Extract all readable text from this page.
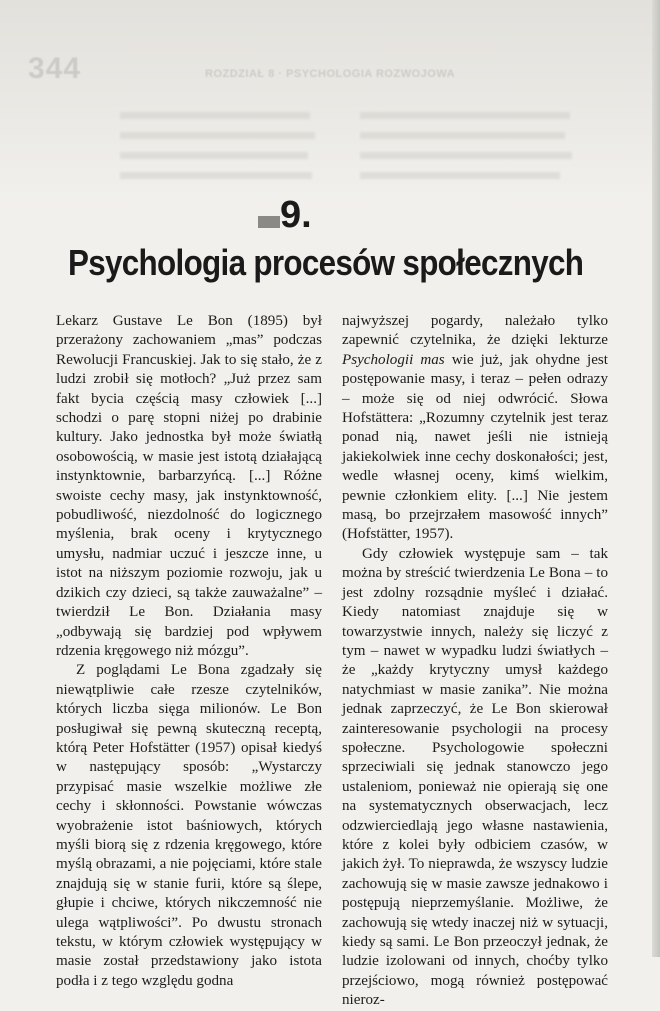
344	ROZDZIAŁ 8 · PSYCHOLOGIA ROZWOJOWA
9.
Psychologia procesów społecznych

Lekarz Gustave Le Bon (1895) był przerażony zachowaniem „mas” podczas Rewolucji Francuskiej. Jak to się stało, że z ludzi zrobił się motłoch? „Już przez sam fakt bycia częścią masy człowiek [...] schodzi o parę stopni niżej po drabinie kultury. Jako jednostka był może światłą osobowością, w masie jest istotą działającą instynktownie, barbarzyńcą. [...] Różne swoiste cechy masy, jak instynktowność, pobudliwość, niezdolność do logicznego myślenia, brak oceny i krytycznego umysłu, nadmiar uczuć i jeszcze inne, u istot na niższym poziomie rozwoju, jak u dzikich czy dzieci, są także zauważalne” – twierdził Le Bon. Działania masy „odbywają się bardziej pod wpływem rdzenia kręgowego niż mózgu”.

Z poglądami Le Bona zgadzały się niewątpliwie całe rzesze czytelników, których liczba sięga milionów. Le Bon posługiwał się pewną skuteczną receptą, którą Peter Hofstätter (1957) opisał kiedyś w następujący sposób: „Wystarczy przypisać masie wszelkie możliwe złe cechy i skłonności. Powstanie wówczas wyobrażenie istot baśniowych, których myśli biorą się z rdzenia kręgowego, które myślą obrazami, a nie pojęciami, które stale znajdują się w stanie furii, które są ślepe, głupie i chciwe, których nikczemność nie ulega wątpliwości”. Po dwustu stronach tekstu, w którym człowiek występujący w masie został przedstawiony jako istota podła i z tego względu godna

najwyższej pogardy, należało tylko zapewnić czytelnika, że dzięki lekturze Psychologii mas wie już, jak ohydne jest postępowanie masy, i teraz – pełen odrazy – może się od niej odwrócić. Słowa Hofstättera: „Rozumny czytelnik jest teraz ponad nią, nawet jeśli nie istnieją jakiekolwiek inne cechy doskonałości; jest, wedle własnej oceny, kimś wielkim, pewnie członkiem elity. [...] Nie jestem masą, bo przejrzałem masowość innych” (Hofstätter, 1957).

Gdy człowiek występuje sam – tak można by streścić twierdzenia Le Bona – to jest zdolny rozsądnie myśleć i działać. Kiedy natomiast znajduje się w towarzystwie innych, należy się liczyć z tym – nawet w wypadku ludzi światłych – że „każdy krytyczny umysł każdego natychmiast w masie zanika”. Nie można jednak zaprzeczyć, że Le Bon skierował zainteresowanie psychologii na procesy społeczne. Psychologowie społeczni sprzeciwiali się jednak stanowczo jego ustaleniom, ponieważ nie opierają się one na systematycznych obserwacjach, lecz odzwierciedlają jego własne nastawienia, które z kolei były odbiciem czasów, w jakich żył. To nieprawda, że wszyscy ludzie zachowują się w masie zawsze jednakowo i postępują nieprzemyślanie. Możliwe, że zachowują się wtedy inaczej niż w sytuacji, kiedy są sami. Le Bon przeoczył jednak, że ludzie izolowani od innych, choćby tylko przejściowo, mogą również postępować nieroz-
